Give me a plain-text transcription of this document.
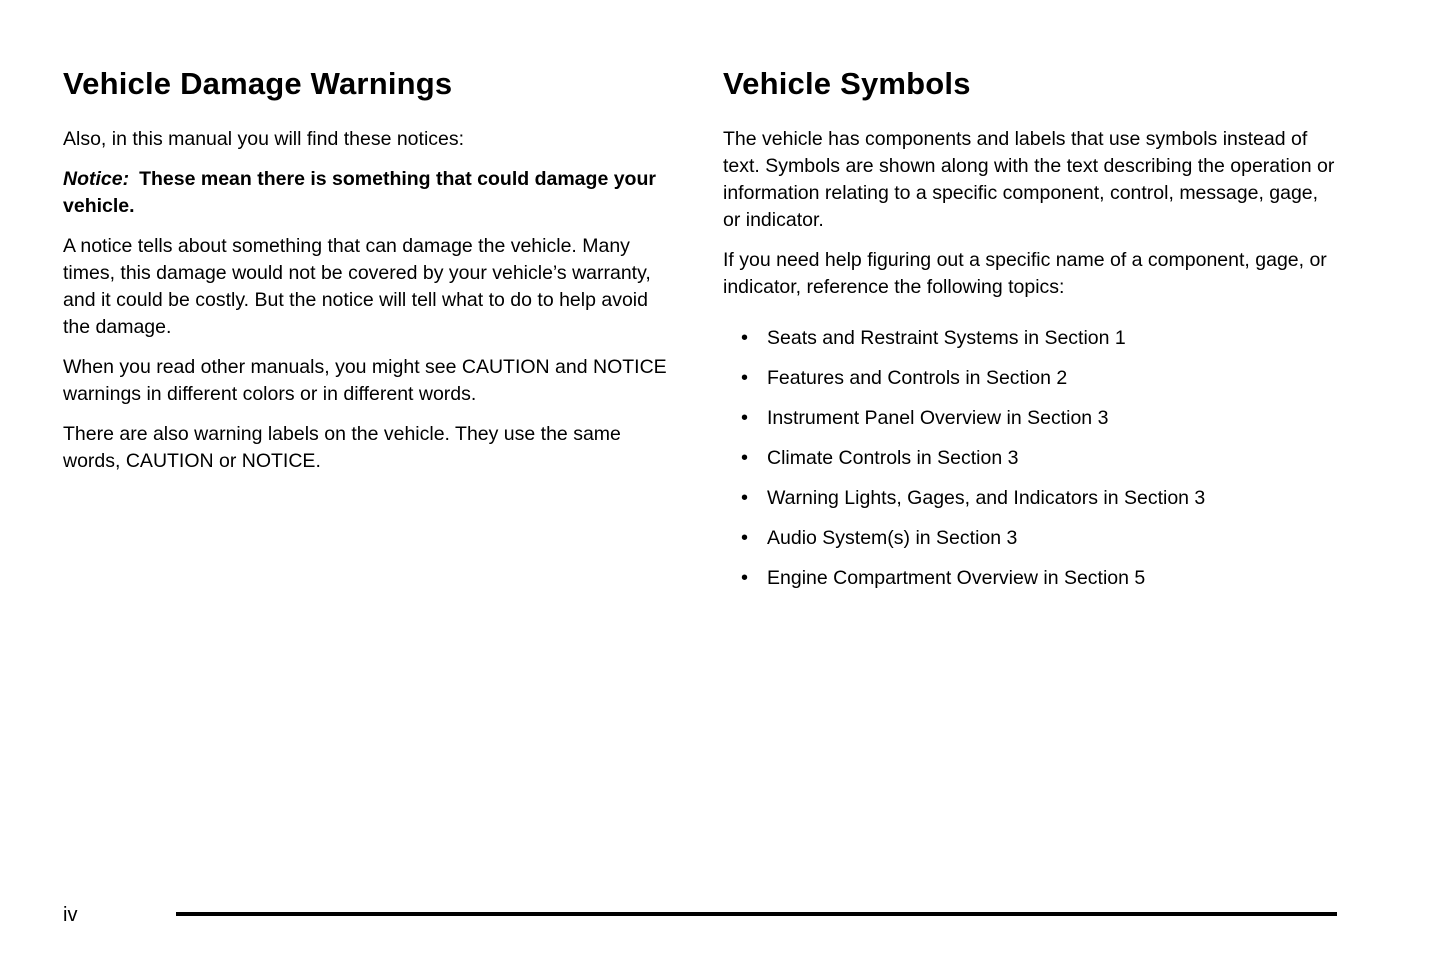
Vehicle Damage Warnings

Also, in this manual you will find these notices:

Notice: These mean there is something that could damage your vehicle.

A notice tells about something that can damage the vehicle. Many times, this damage would not be covered by your vehicle’s warranty, and it could be costly. But the notice will tell what to do to help avoid the damage.

When you read other manuals, you might see CAUTION and NOTICE warnings in different colors or in different words.

There are also warning labels on the vehicle. They use the same words, CAUTION or NOTICE.

Vehicle Symbols

The vehicle has components and labels that use symbols instead of text. Symbols are shown along with the text describing the operation or information relating to a specific component, control, message, gage, or indicator.

If you need help figuring out a specific name of a component, gage, or indicator, reference the following topics:

• Seats and Restraint Systems in Section 1
• Features and Controls in Section 2
• Instrument Panel Overview in Section 3
• Climate Controls in Section 3
• Warning Lights, Gages, and Indicators in Section 3
• Audio System(s) in Section 3
• Engine Compartment Overview in Section 5
iv
